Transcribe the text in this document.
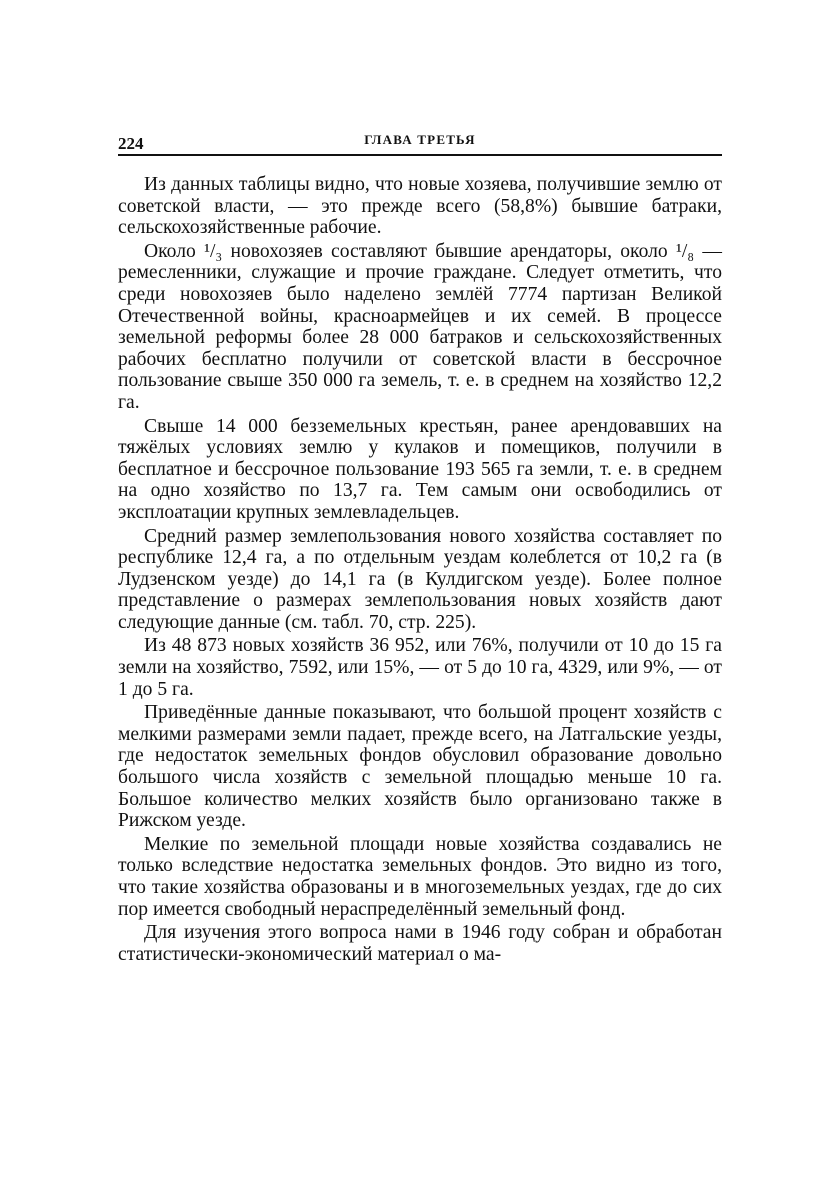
224	ГЛАВА ТРЕТЬЯ

Из данных таблицы видно, что новые хозяева, получившие землю от советской власти, — это прежде всего (58,8%) бывшие батраки, сельскохозяйственные рабочие.

Около ¹/₃ новохозяев составляют бывшие арендаторы, около ¹/₈ — ремесленники, служащие и прочие граждане. Следует отметить, что среди новохозяев было наделено землёй 7774 партизан Великой Отечественной войны, красноармейцев и их семей. В процессе земельной реформы более 28 000 батраков и сельскохозяйственных рабочих бесплатно получили от советской власти в бессрочное пользование свыше 350 000 га земель, т. е. в среднем на хозяйство 12,2 га.

Свыше 14 000 безземельных крестьян, ранее арендовавших на тяжёлых условиях землю у кулаков и помещиков, получили в бесплатное и бессрочное пользование 193 565 га земли, т. е. в среднем на одно хозяйство по 13,7 га. Тем самым они освободились от эксплоатации крупных землевладельцев.

Средний размер землепользования нового хозяйства составляет по республике 12,4 га, а по отдельным уездам колеблется от 10,2 га (в Лудзенском уезде) до 14,1 га (в Кулдигском уезде). Более полное представление о размерах землепользования новых хозяйств дают следующие данные (см. табл. 70, стр. 225).

Из 48 873 новых хозяйств 36 952, или 76%, получили от 10 до 15 га земли на хозяйство, 7592, или 15%, — от 5 до 10 га, 4329, или 9%, — от 1 до 5 га.

Приведённые данные показывают, что большой процент хозяйств с мелкими размерами земли падает, прежде всего, на Латгальские уезды, где недостаток земельных фондов обусловил образование довольно большого числа хозяйств с земельной площадью меньше 10 га. Большое количество мелких хозяйств было организовано также в Рижском уезде.

Мелкие по земельной площади новые хозяйства создавались не только вследствие недостатка земельных фондов. Это видно из того, что такие хозяйства образованы и в многоземельных уездах, где до сих пор имеется свободный нераспределённый земельный фонд.

Для изучения этого вопроса нами в 1946 году собран и обработан статистически-экономический материал о ма-
